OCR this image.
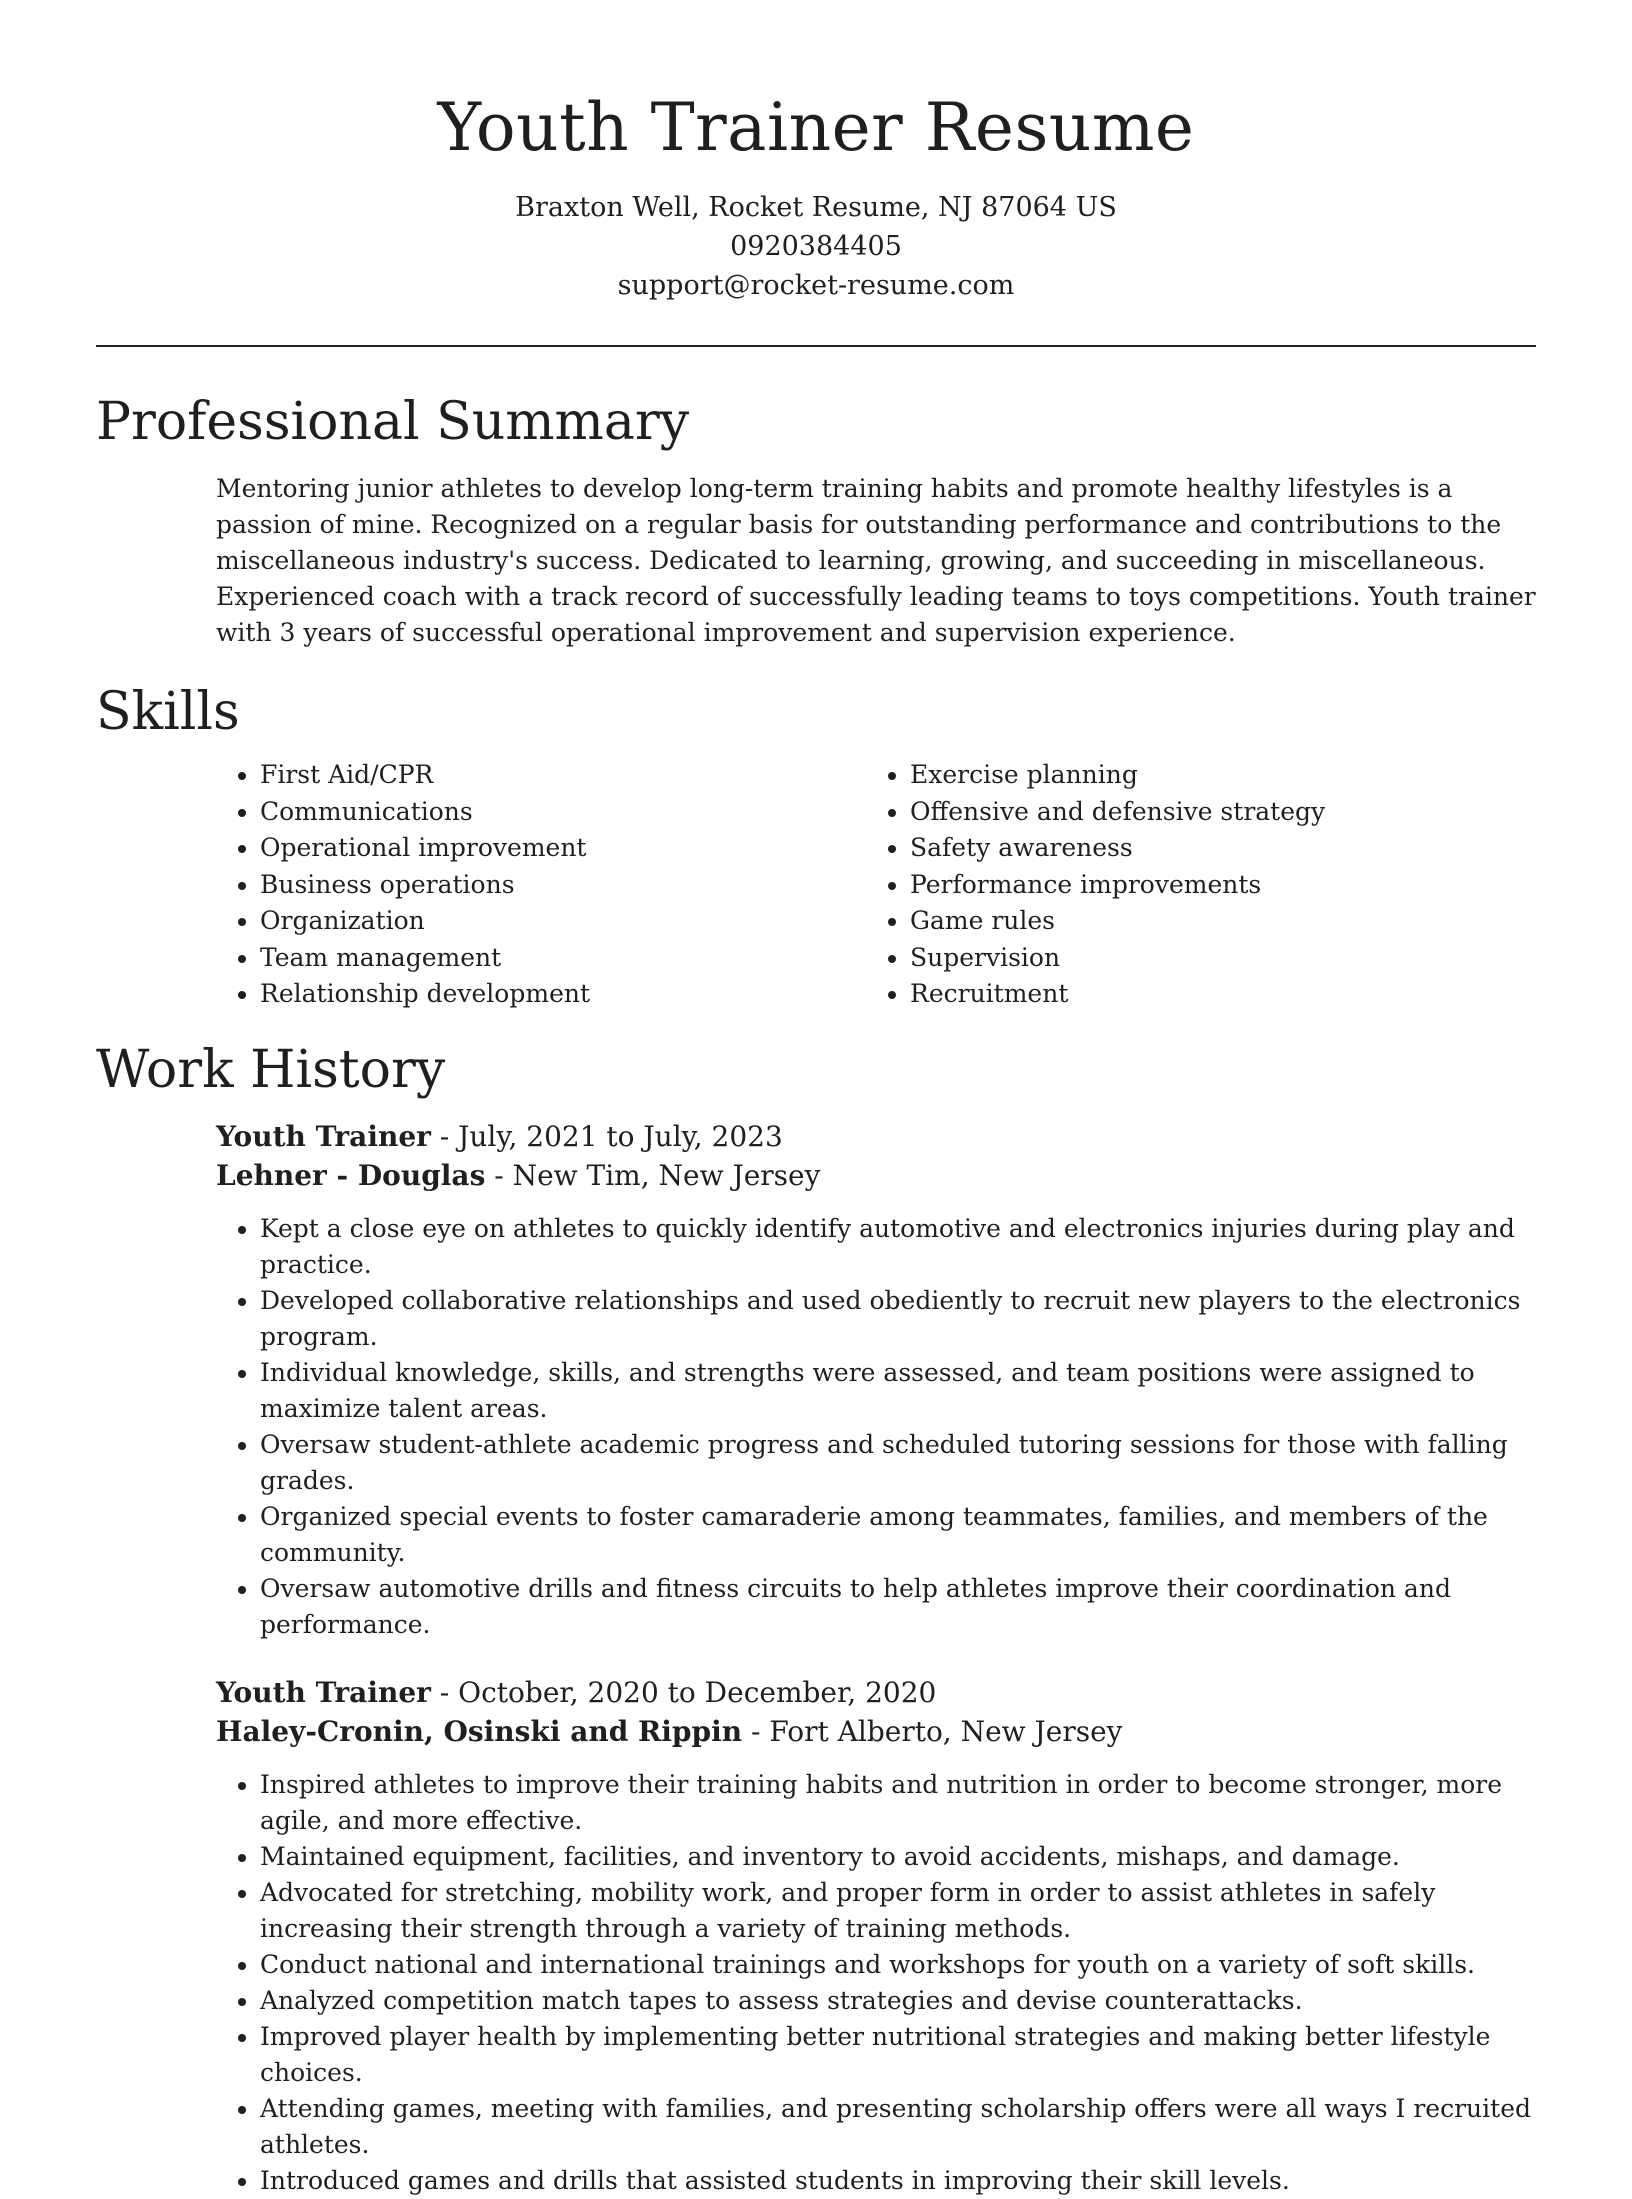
Youth Trainer Resume
Braxton Well, Rocket Resume, NJ 87064 US
0920384405
support@rocket-resume.com
Professional Summary

Mentoring junior athletes to develop long-term training habits and promote healthy lifestyles is a passion of mine. Recognized on a regular basis for outstanding performance and contributions to the miscellaneous industry's success. Dedicated to learning, growing, and succeeding in miscellaneous. Experienced coach with a track record of successfully leading teams to toys competitions. Youth trainer with 3 years of successful operational improvement and supervision experience.

Skills
• First Aid/CPR
• Communications
• Operational improvement
• Business operations
• Organization
• Team management
• Relationship development
• Exercise planning
• Offensive and defensive strategy
• Safety awareness
• Performance improvements
• Game rules
• Supervision
• Recruitment
Work History
Youth Trainer - July, 2021 to July, 2023
Lehner - Douglas - New Tim, New Jersey
• Kept a close eye on athletes to quickly identify automotive and electronics injuries during play and practice.
• Developed collaborative relationships and used obediently to recruit new players to the electronics program.
• Individual knowledge, skills, and strengths were assessed, and team positions were assigned to maximize talent areas.
• Oversaw student-athlete academic progress and scheduled tutoring sessions for those with falling grades.
• Organized special events to foster camaraderie among teammates, families, and members of the community.
• Oversaw automotive drills and fitness circuits to help athletes improve their coordination and performance.
Youth Trainer - October, 2020 to December, 2020
Haley-Cronin, Osinski and Rippin - Fort Alberto, New Jersey
• Inspired athletes to improve their training habits and nutrition in order to become stronger, more agile, and more effective.
• Maintained equipment, facilities, and inventory to avoid accidents, mishaps, and damage.
• Advocated for stretching, mobility work, and proper form in order to assist athletes in safely increasing their strength through a variety of training methods.
• Conduct national and international trainings and workshops for youth on a variety of soft skills.
• Analyzed competition match tapes to assess strategies and devise counterattacks.
• Improved player health by implementing better nutritional strategies and making better lifestyle choices.
• Attending games, meeting with families, and presenting scholarship offers were all ways I recruited athletes.
• Introduced games and drills that assisted students in improving their skill levels.
